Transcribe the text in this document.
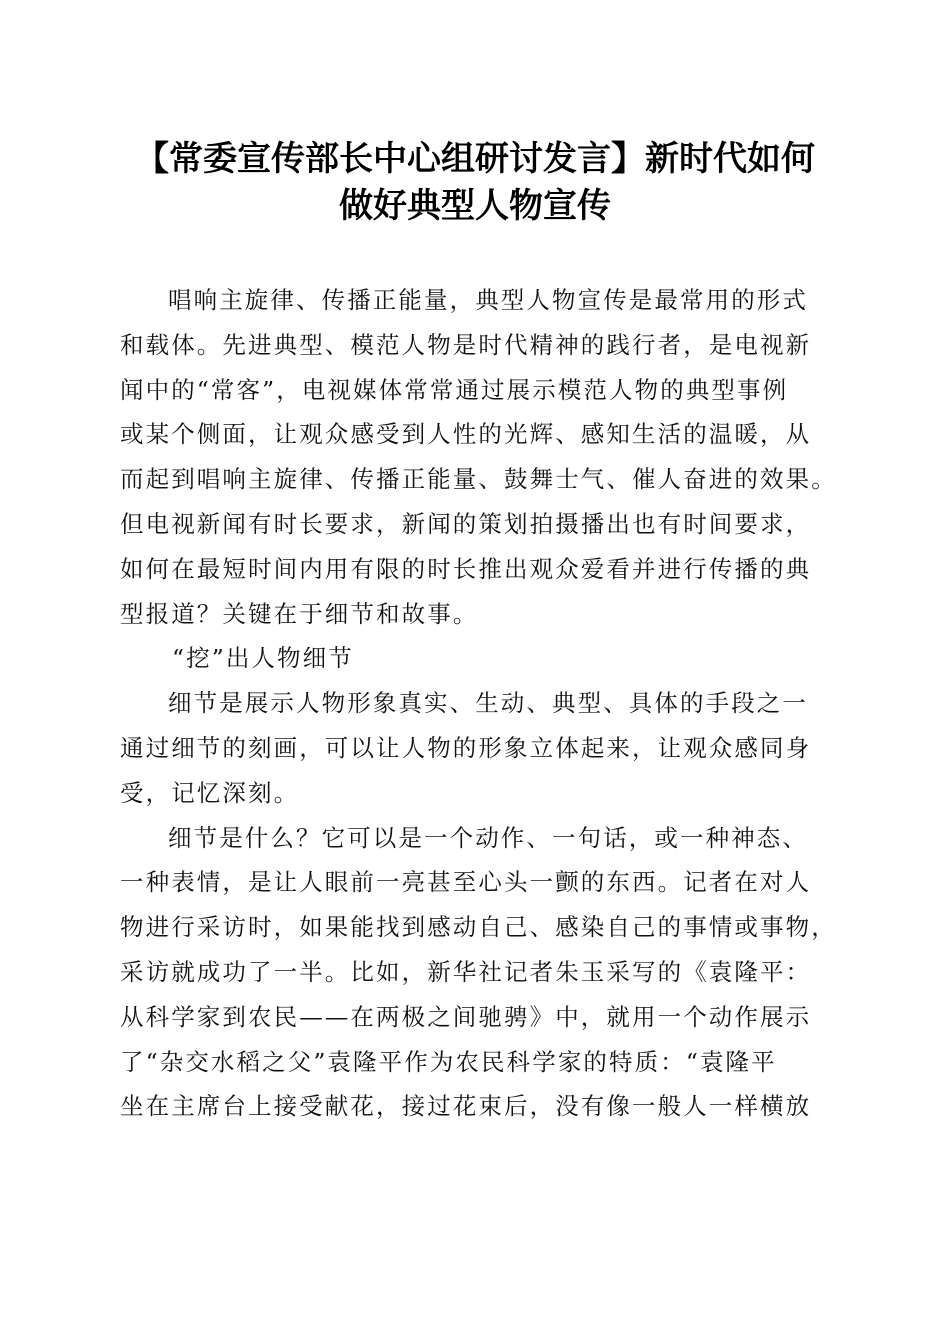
【常委宣传部长中心组研讨发言】新时代如何
做好典型人物宣传
唱响主旋律、传播正能量，典型人物宣传是最常用的形式
和载体。先进典型、模范人物是时代精神的践行者，是电视新
闻中的“常客”，电视媒体常常通过展示模范人物的典型事例
或某个侧面，让观众感受到人性的光辉、感知生活的温暖，从
而起到唱响主旋律、传播正能量、鼓舞士气、催人奋进的效果。
但电视新闻有时长要求，新闻的策划拍摄播出也有时间要求，
如何在最短时间内用有限的时长推出观众爱看并进行传播的典
型报道？关键在于细节和故事。
“挖”出人物细节
细节是展示人物形象真实、生动、典型、具体的手段之一
通过细节的刻画，可以让人物的形象立体起来，让观众感同身
受，记忆深刻。
细节是什么？它可以是一个动作、一句话，或一种神态、
一种表情，是让人眼前一亮甚至心头一颤的东西。记者在对人
物进行采访时，如果能找到感动自己、感染自己的事情或事物，
采访就成功了一半。比如，新华社记者朱玉采写的《袁隆平：
从科学家到农民——在两极之间驰骋》中，就用一个动作展示
了“杂交水稻之父”袁隆平作为农民科学家的特质：“袁隆平
坐在主席台上接受献花，接过花束后，没有像一般人一样横放
